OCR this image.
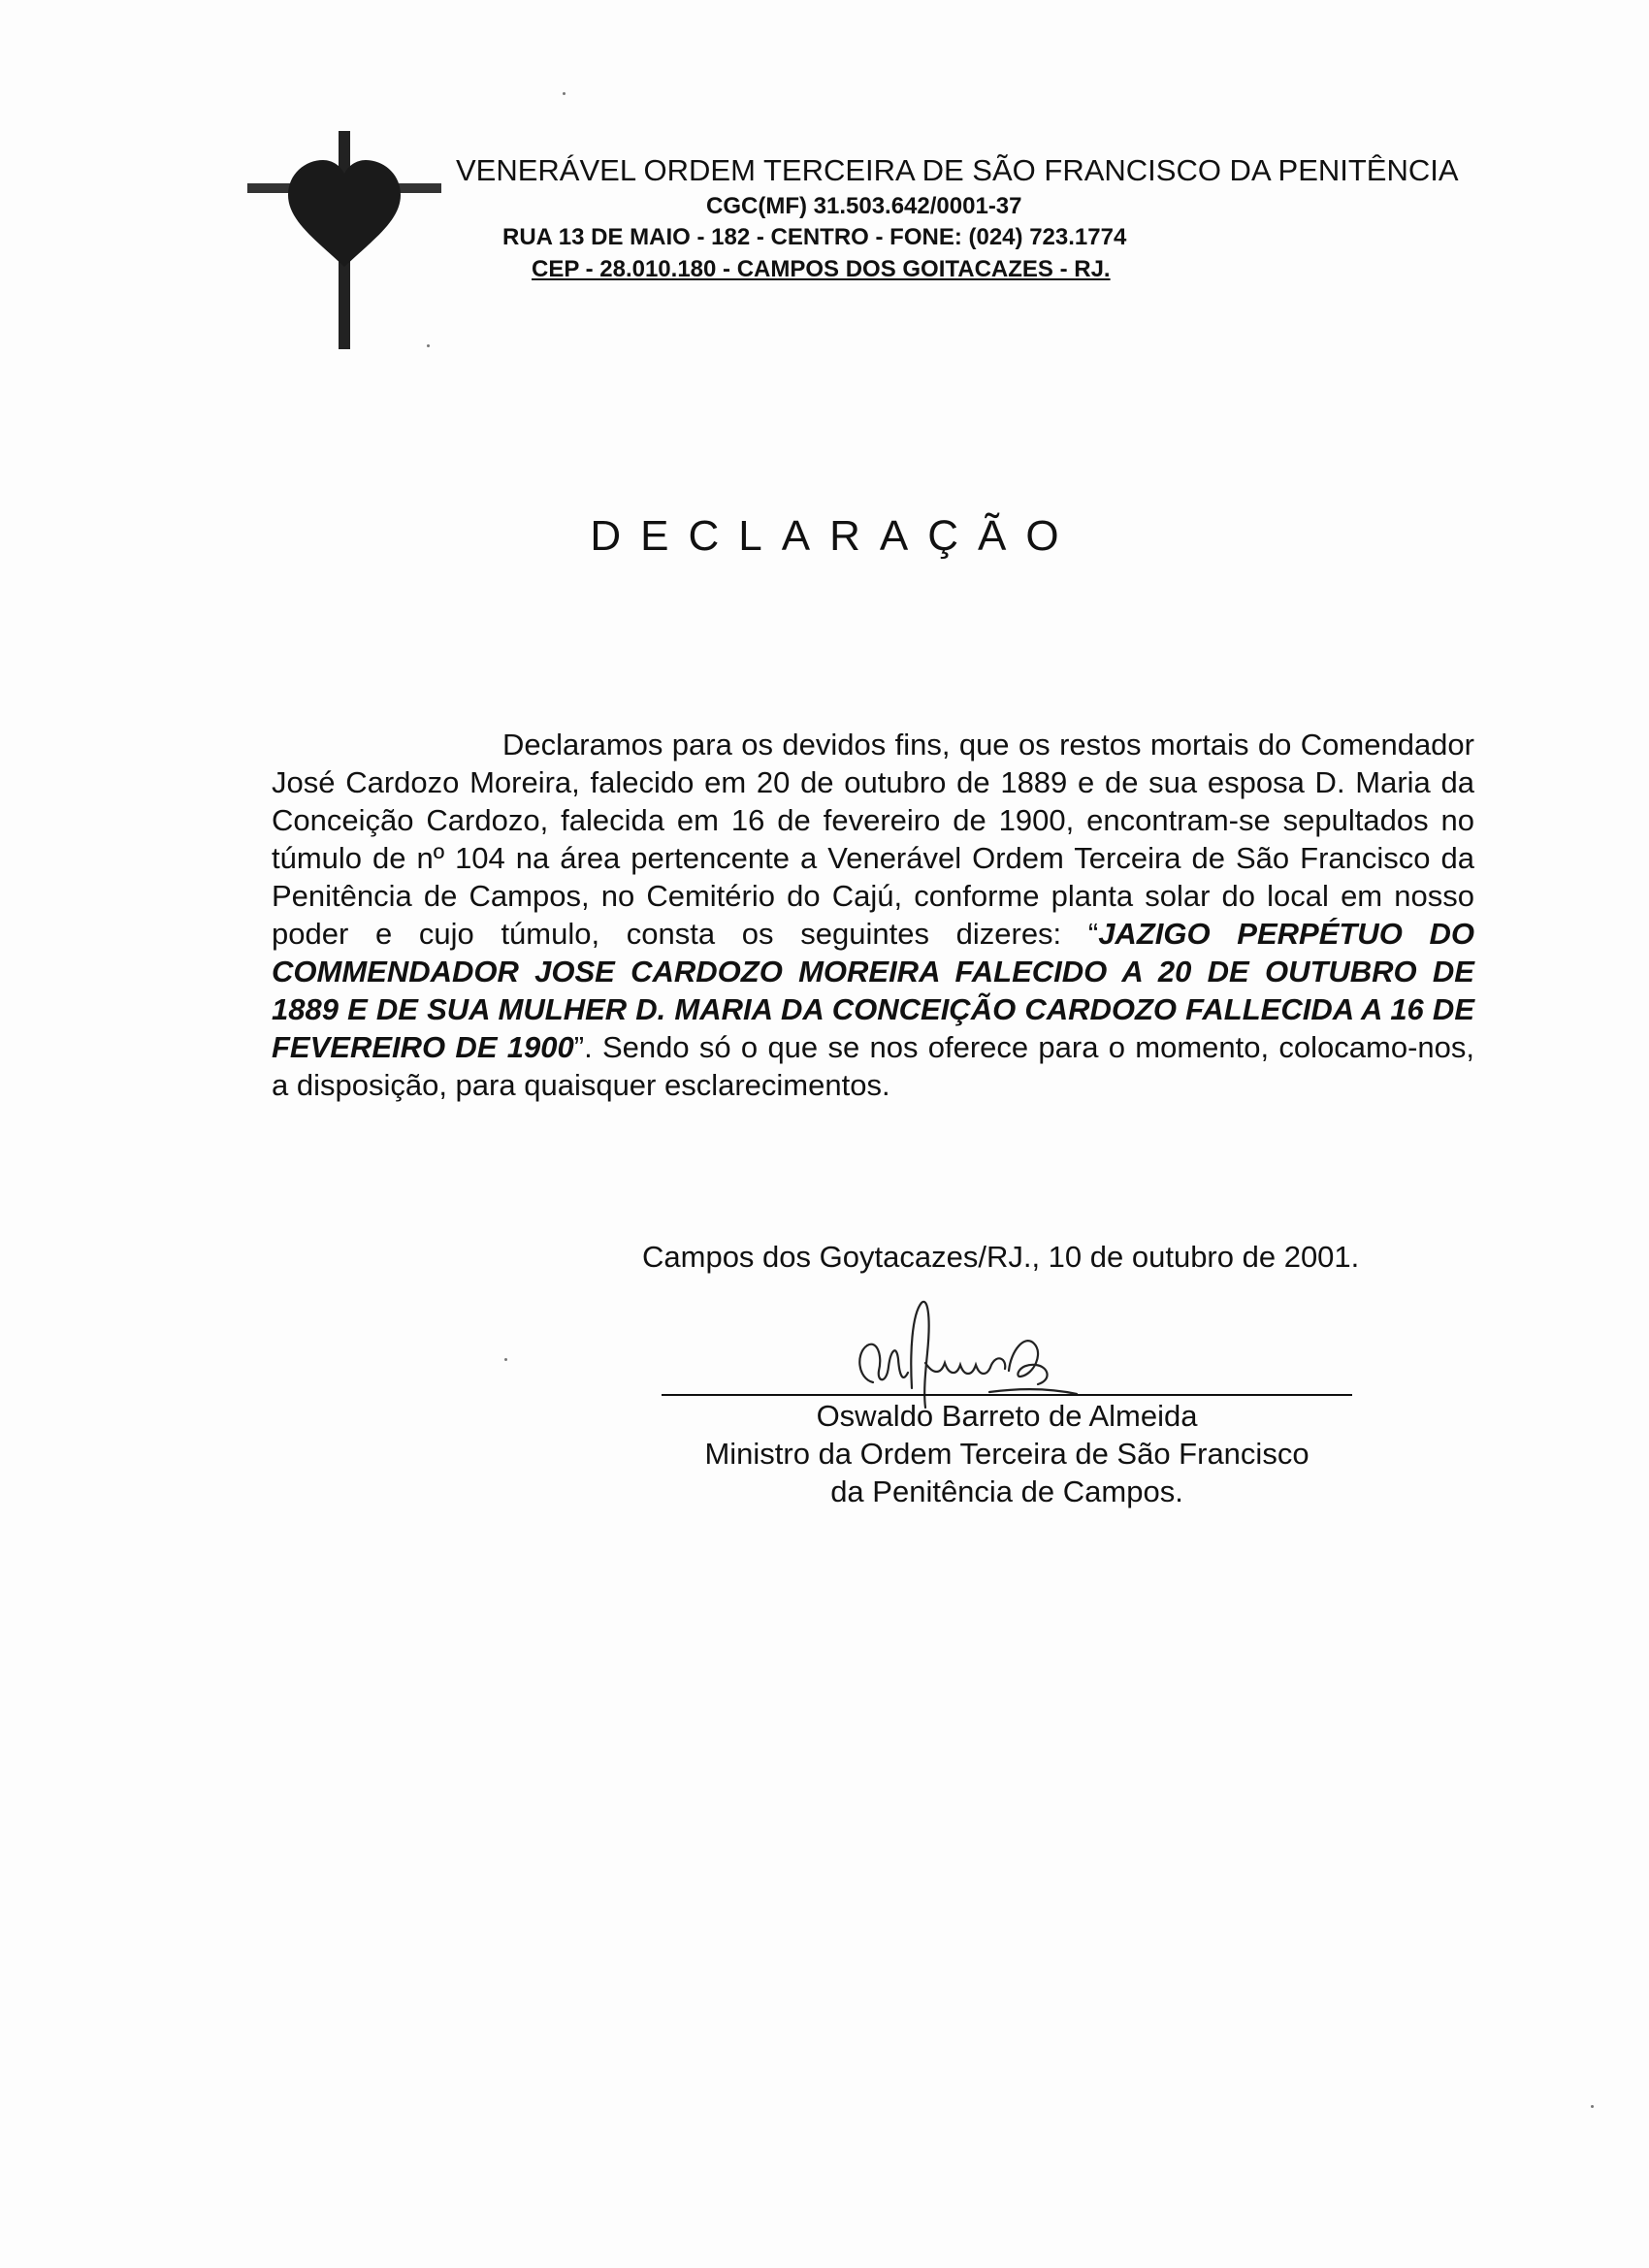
VENERÁVEL ORDEM TERCEIRA DE SÃO FRANCISCO DA PENITÊNCIA
CGC(MF) 31.503.642/0001-37
RUA 13 DE MAIO - 182 - CENTRO - FONE: (024) 723.1774
CEP - 28.010.180 - CAMPOS DOS GOITACAZES - RJ.
DECLARAÇÃO
Declaramos para os devidos fins, que os restos mortais do Comendador José Cardozo Moreira, falecido em 20 de outubro de 1889 e de sua esposa D. Maria da Conceição Cardozo, falecida em 16 de fevereiro de 1900, encontram-se sepultados no túmulo de nº 104 na área pertencente a Venerável Ordem Terceira de São Francisco da Penitência de Campos, no Cemitério do Cajú, conforme planta solar do local em nosso poder e cujo túmulo, consta os seguintes dizeres: “JAZIGO PERPÉTUO DO COMMENDADOR JOSE CARDOZO MOREIRA FALECIDO A 20 DE OUTUBRO DE 1889 E DE SUA MULHER D. MARIA DA CONCEIÇÃO CARDOZO FALLECIDA A 16 DE FEVEREIRO DE 1900”. Sendo só o que se nos oferece para o momento, colocamo-nos, a disposição, para quaisquer esclarecimentos.
Campos dos Goytacazes/RJ., 10 de outubro de 2001.
Oswaldo Barreto de Almeida
Ministro da Ordem Terceira de São Francisco
da Penitência de Campos.
